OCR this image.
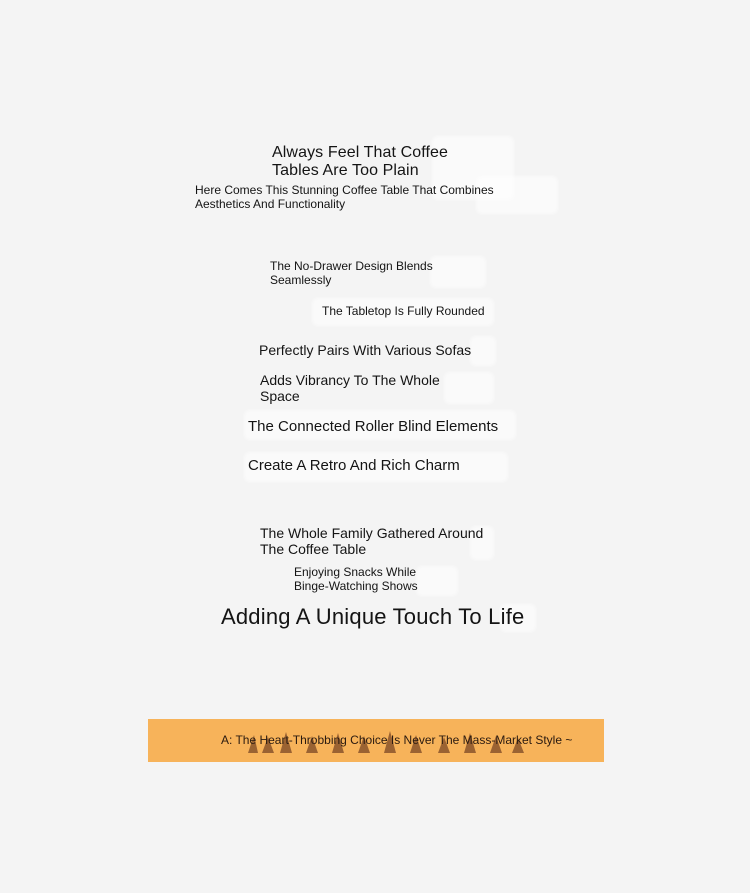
Always Feel That Coffee
Tables Are Too Plain
Here Comes This Stunning Coffee Table That Combines
Aesthetics And Functionality
The No-Drawer Design Blends
Seamlessly
The Tabletop Is Fully Rounded
Perfectly Pairs With Various Sofas
Adds Vibrancy To The Whole
Space
The Connected Roller Blind Elements
Create A Retro And Rich Charm
The Whole Family Gathered Around
The Coffee Table
Enjoying Snacks While
Binge-Watching Shows
Adding A Unique Touch To Life
A: The Heart-Throbbing Choice Is Never The Mass-Market Style ~
